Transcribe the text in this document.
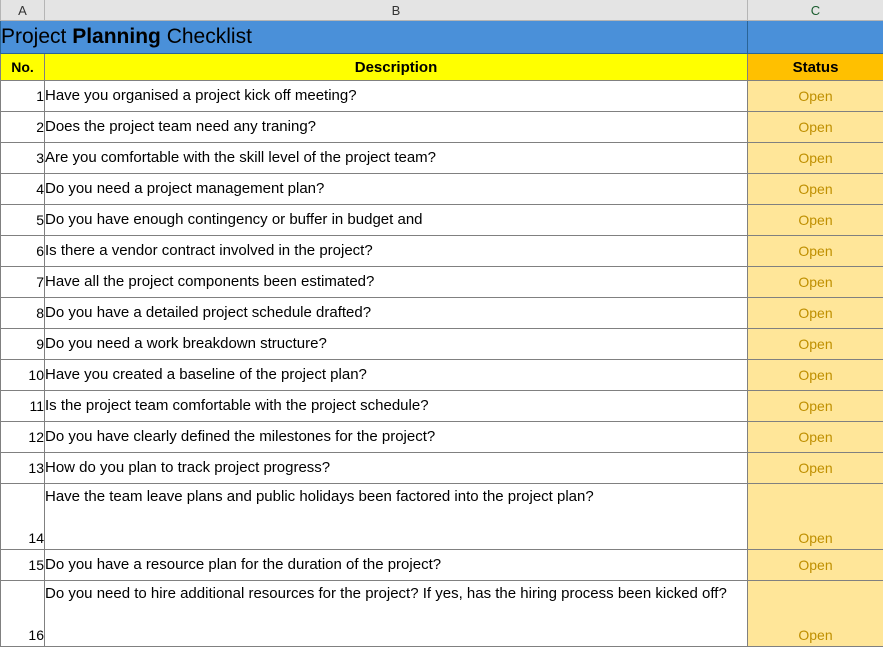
A	B	C
Project Planning Checklist		
No.	Description	Status
1	Have you organised a project kick off meeting?	Open
2	Does the project team need any traning?	Open
3	Are you comfortable with the skill level of the project team?	Open
4	Do you need a project management plan?	Open
5	Do you have enough contingency or buffer in budget and	Open
6	Is there a vendor contract involved in the project?	Open
7	Have all the project components been estimated?	Open
8	Do you have a detailed project schedule drafted?	Open
9	Do you need a work breakdown structure?	Open
10	Have you created a baseline of the project plan?	Open
11	Is the project team comfortable with the project schedule?	Open
12	Do you have clearly defined the milestones for the project?	Open
13	How do you plan to track project progress?	Open
14	Have the team leave plans and public holidays been factored into the project plan?	Open
15	Do you have a resource plan for the duration of the project?	Open
16	Do you need to hire additional resources for the project? If yes, has the hiring process been kicked off?	Open
